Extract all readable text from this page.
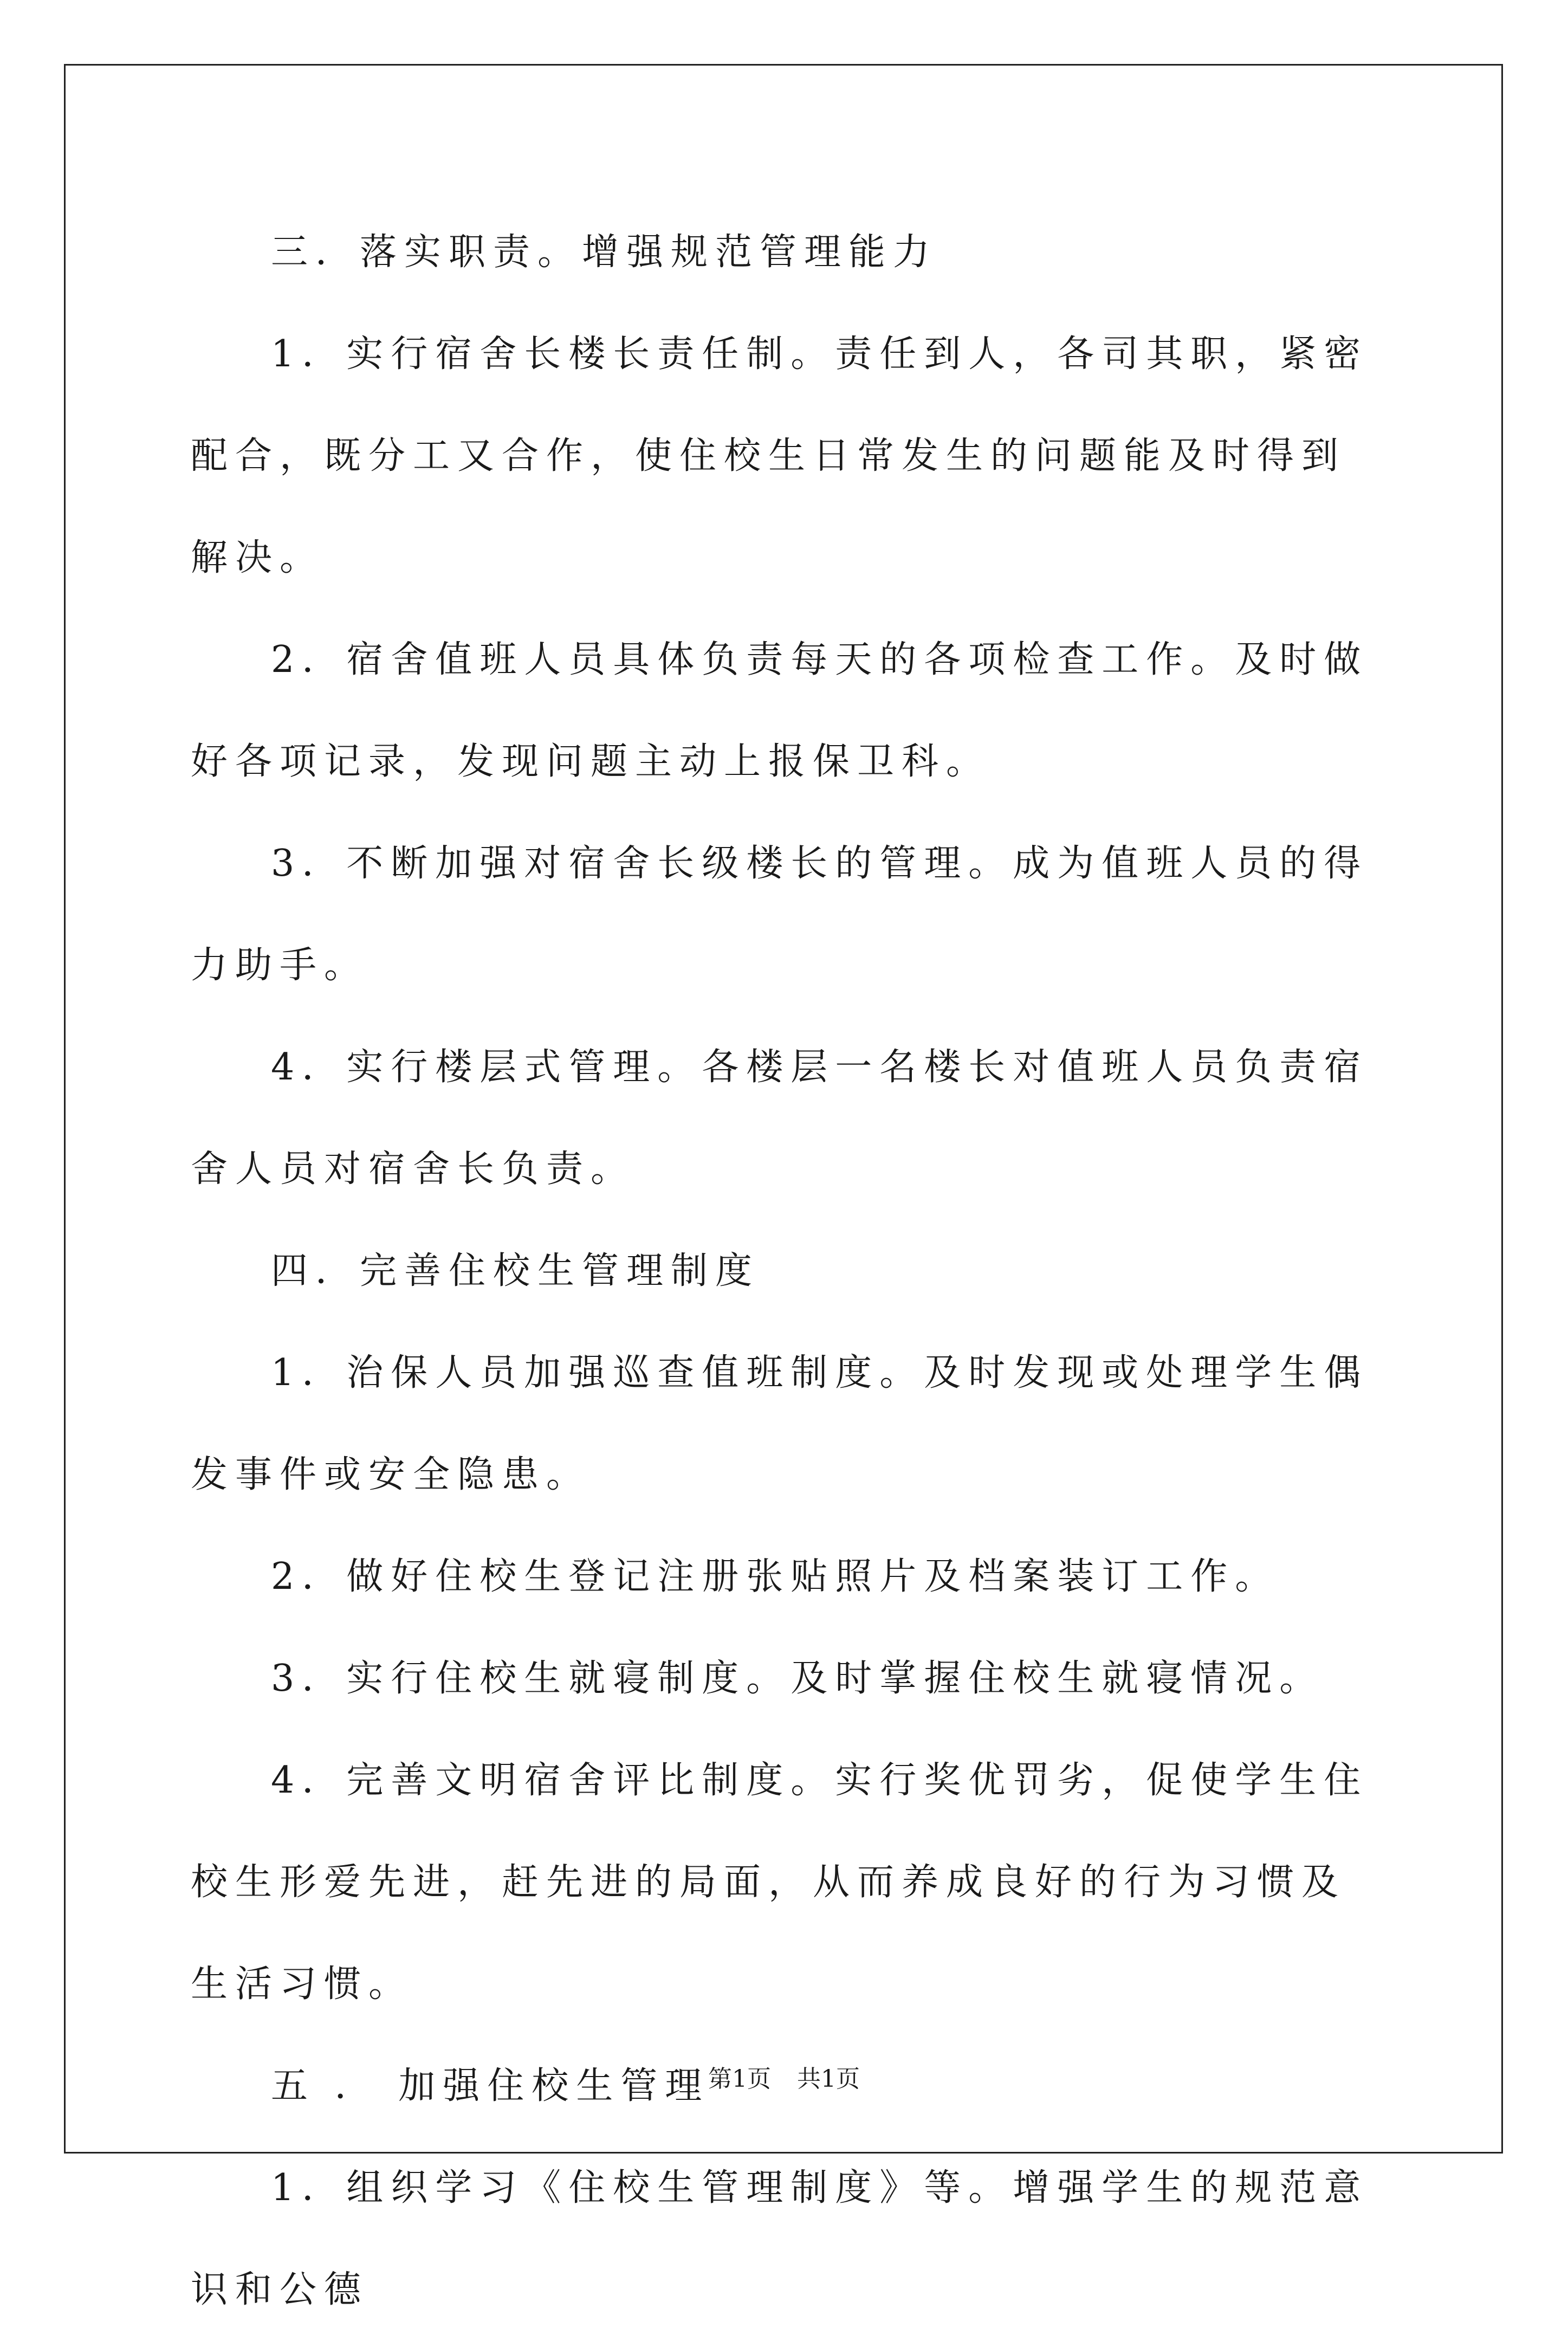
三．落实职责。增强规范管理能力

1．实行宿舍长楼长责任制。责任到人，各司其职，紧密配合，既分工又合作，使住校生日常发生的问题能及时得到解决。

2．宿舍值班人员具体负责每天的各项检查工作。及时做好各项记录，发现问题主动上报保卫科。

3．不断加强对宿舍长级楼长的管理。成为值班人员的得力助手。

4．实行楼层式管理。各楼层一名楼长对值班人员负责宿舍人员对宿舍长负责。

四．完善住校生管理制度

1．治保人员加强巡查值班制度。及时发现或处理学生偶发事件或安全隐患。

2．做好住校生登记注册张贴照片及档案装订工作。

3．实行住校生就寝制度。及时掌握住校生就寝情况。

4．完善文明宿舍评比制度。实行奖优罚劣，促使学生住校生形爱先进，赶先进的局面，从而养成良好的行为习惯及生活习惯。

五 ． 加强住校生管理

1．组织学习《住校生管理制度》等。增强学生的规范意识和公德

第1页 共1页
